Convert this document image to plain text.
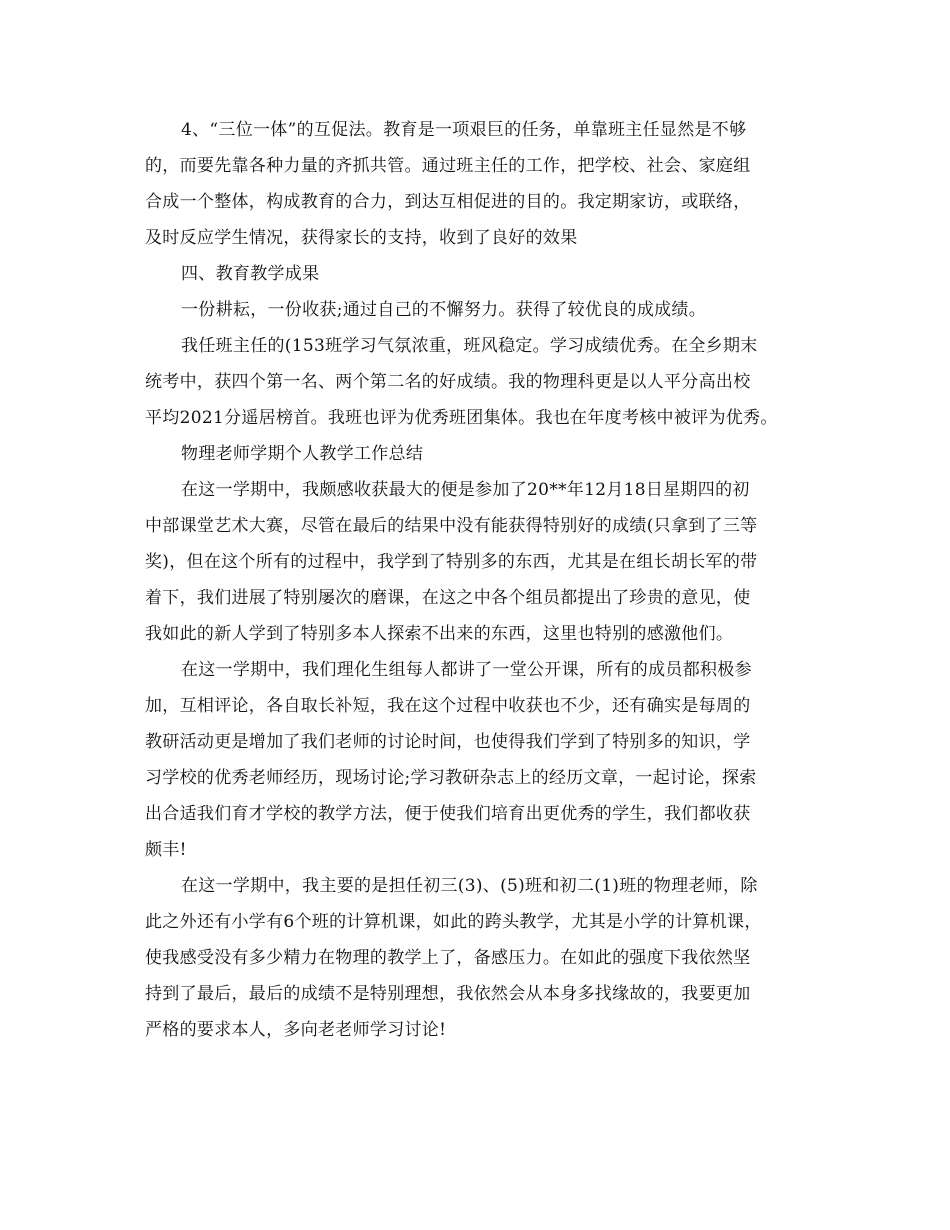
4、“三位一体”的互促法。教育是一项艰巨的任务，单靠班主任显然是不够
的，而要先靠各种力量的齐抓共管。通过班主任的工作，把学校、社会、家庭组
合成一个整体，构成教育的合力，到达互相促进的目的。我定期家访，或联络，
及时反应学生情况，获得家长的支持，收到了良好的效果
四、教育教学成果
一份耕耘，一份收获;通过自己的不懈努力。获得了较优良的成成绩。
我任班主任的(153班学习气氛浓重，班风稳定。学习成绩优秀。在全乡期末
统考中，获四个第一名、两个第二名的好成绩。我的物理科更是以人平分高出校
平均2021分遥居榜首。我班也评为优秀班团集体。我也在年度考核中被评为优秀。
物理老师学期个人教学工作总结
在这一学期中，我颇感收获最大的便是参加了20**年12月18日星期四的初
中部课堂艺术大赛，尽管在最后的结果中没有能获得特别好的成绩(只拿到了三等
奖)，但在这个所有的过程中，我学到了特别多的东西，尤其是在组长胡长军的带
着下，我们进展了特别屡次的磨课，在这之中各个组员都提出了珍贵的意见，使
我如此的新人学到了特别多本人探索不出来的东西，这里也特别的感激他们。
在这一学期中，我们理化生组每人都讲了一堂公开课，所有的成员都积极参
加，互相评论，各自取长补短，我在这个过程中收获也不少，还有确实是每周的
教研活动更是增加了我们老师的讨论时间，也使得我们学到了特别多的知识，学
习学校的优秀老师经历，现场讨论;学习教研杂志上的经历文章，一起讨论，探索
出合适我们育才学校的教学方法，便于使我们培育出更优秀的学生，我们都收获
颇丰!
在这一学期中，我主要的是担任初三(3)、(5)班和初二(1)班的物理老师，除
此之外还有小学有6个班的计算机课，如此的跨头教学，尤其是小学的计算机课，
使我感受没有多少精力在物理的教学上了，备感压力。在如此的强度下我依然坚
持到了最后，最后的成绩不是特别理想，我依然会从本身多找缘故的，我要更加
严格的要求本人，多向老老师学习讨论!
